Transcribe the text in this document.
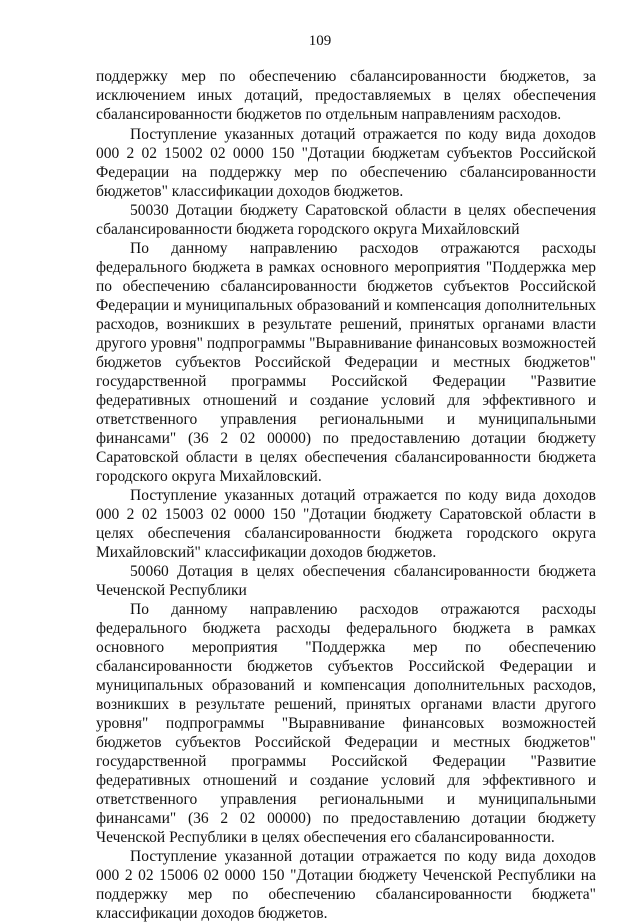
109

поддержку мер по обеспечению сбалансированности бюджетов, за исключением иных дотаций, предоставляемых в целях обеспечения сбалансированности бюджетов по отдельным направлениям расходов.

Поступление указанных дотаций отражается по коду вида доходов 000 2 02 15002 02 0000 150 "Дотации бюджетам субъектов Российской Федерации на поддержку мер по обеспечению сбалансированности бюджетов" классификации доходов бюджетов.

50030 Дотации бюджету Саратовской области в целях обеспечения сбалансированности бюджета городского округа Михайловский

По данному направлению расходов отражаются расходы федерального бюджета в рамках основного мероприятия "Поддержка мер по обеспечению сбалансированности бюджетов субъектов Российской Федерации и муниципальных образований и компенсация дополнительных расходов, возникших в результате решений, принятых органами власти другого уровня" подпрограммы "Выравнивание финансовых возможностей бюджетов субъектов Российской Федерации и местных бюджетов" государственной программы Российской Федерации "Развитие федеративных отношений и создание условий для эффективного и ответственного управления региональными и муниципальными финансами" (36 2 02 00000) по предоставлению дотации бюджету Саратовской области в целях обеспечения сбалансированности бюджета городского округа Михайловский.

Поступление указанных дотаций отражается по коду вида доходов 000 2 02 15003 02 0000 150 "Дотации бюджету Саратовской области в целях обеспечения сбалансированности бюджета городского округа Михайловский" классификации доходов бюджетов.

50060 Дотация в целях обеспечения сбалансированности бюджета Чеченской Республики

По данному направлению расходов отражаются расходы федерального бюджета расходы федерального бюджета в рамках основного мероприятия "Поддержка мер по обеспечению сбалансированности бюджетов субъектов Российской Федерации и муниципальных образований и компенсация дополнительных расходов, возникших в результате решений, принятых органами власти другого уровня" подпрограммы "Выравнивание финансовых возможностей бюджетов субъектов Российской Федерации и местных бюджетов" государственной программы Российской Федерации "Развитие федеративных отношений и создание условий для эффективного и ответственного управления региональными и муниципальными финансами" (36 2 02 00000) по предоставлению дотации бюджету Чеченской Республики в целях обеспечения его сбалансированности.

Поступление указанной дотации отражается по коду вида доходов 000 2 02 15006 02 0000 150 "Дотации бюджету Чеченской Республики на поддержку мер по обеспечению сбалансированности бюджета" классификации доходов бюджетов.
